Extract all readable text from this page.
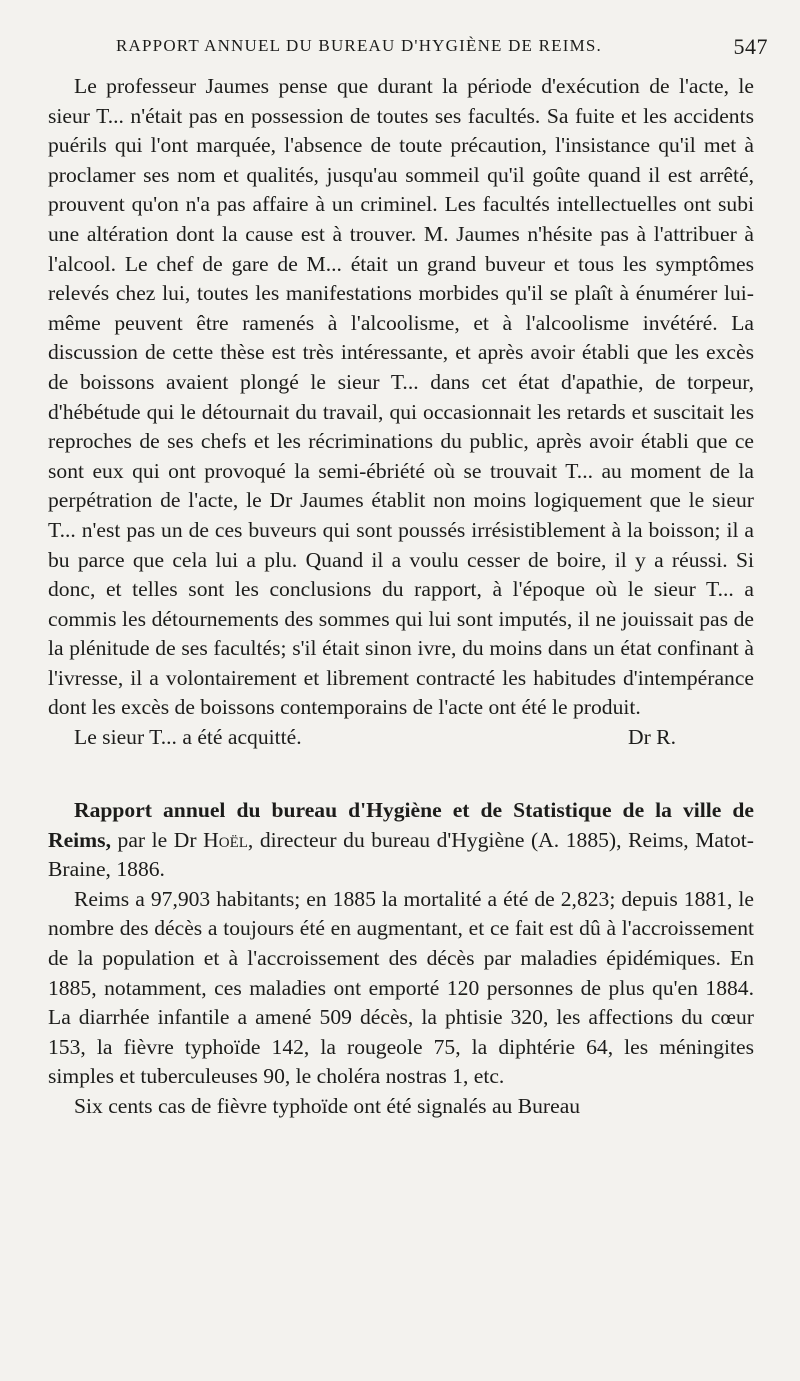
RAPPORT ANNUEL DU BUREAU D'HYGIÈNE DE REIMS.	547

Le professeur Jaumes pense que durant la période d'exécution de l'acte, le sieur T... n'était pas en possession de toutes ses facultés. Sa fuite et les accidents puérils qui l'ont marquée, l'absence de toute précaution, l'insistance qu'il met à proclamer ses nom et qualités, jusqu'au sommeil qu'il goûte quand il est arrêté, prouvent qu'on n'a pas affaire à un criminel. Les facultés intellectuelles ont subi une altération dont la cause est à trouver. M. Jaumes n'hésite pas à l'attribuer à l'alcool. Le chef de gare de M... était un grand buveur et tous les symptômes relevés chez lui, toutes les manifestations morbides qu'il se plaît à énumérer lui-même peuvent être ramenés à l'alcoolisme, et à l'alcoolisme invétéré. La discussion de cette thèse est très intéressante, et après avoir établi que les excès de boissons avaient plongé le sieur T... dans cet état d'apathie, de torpeur, d'hébétude qui le détournait du travail, qui occasionnait les retards et suscitait les reproches de ses chefs et les récriminations du public, après avoir établi que ce sont eux qui ont provoqué la semi-ébriété où se trouvait T... au moment de la perpétration de l'acte, le Dr Jaumes établit non moins logiquement que le sieur T... n'est pas un de ces buveurs qui sont poussés irrésistiblement à la boisson; il a bu parce que cela lui a plu. Quand il a voulu cesser de boire, il y a réussi. Si donc, et telles sont les conclusions du rapport, à l'époque où le sieur T... a commis les détournements des sommes qui lui sont imputés, il ne jouissait pas de la plénitude de ses facultés; s'il était sinon ivre, du moins dans un état confinant à l'ivresse, il a volontairement et librement contracté les habitudes d'intempérance dont les excès de boissons contemporains de l'acte ont été le produit.

Le sieur T... a été acquitté.	Dr R.

Rapport annuel du bureau d'Hygiène et de Statistique de la ville de Reims, par le Dr Hoël, directeur du bureau d'Hygiène (A. 1885), Reims, Matot-Braine, 1886.

Reims a 97,903 habitants; en 1885 la mortalité a été de 2,823; depuis 1881, le nombre des décès a toujours été en augmentant, et ce fait est dû à l'accroissement de la population et à l'accroissement des décès par maladies épidémiques. En 1885, notamment, ces maladies ont emporté 120 personnes de plus qu'en 1884. La diarrhée infantile a amené 509 décès, la phtisie 320, les affections du cœur 153, la fièvre typhoïde 142, la rougeole 75, la diphtérie 64, les méningites simples et tuberculeuses 90, le choléra nostras 1, etc.

Six cents cas de fièvre typhoïde ont été signalés au Bureau
